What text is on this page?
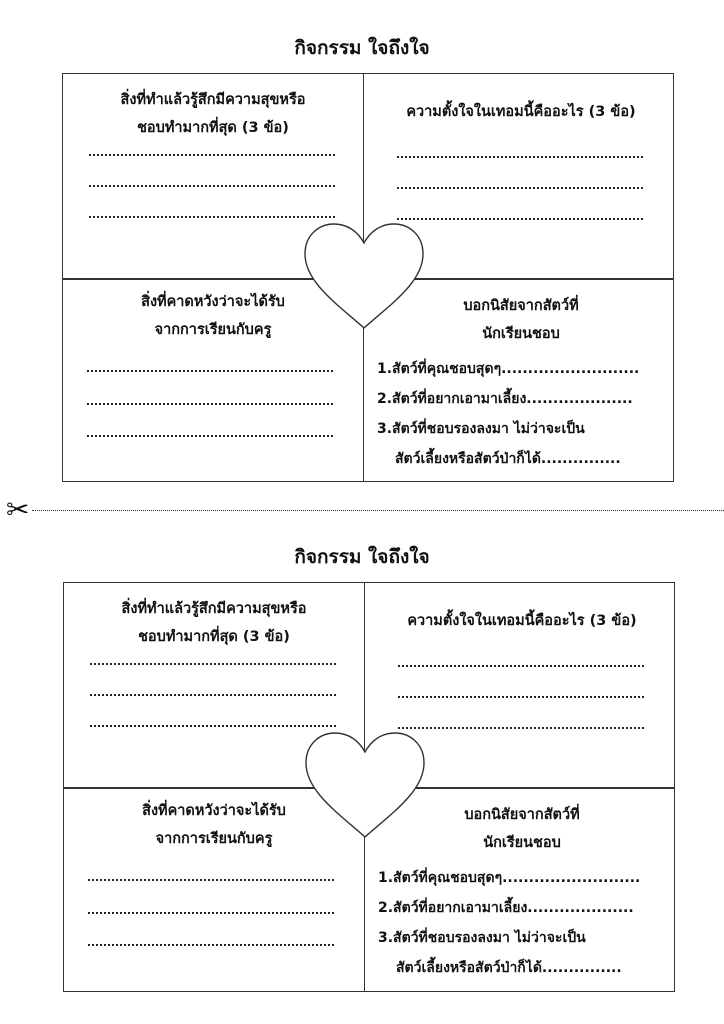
กิจกรรม ใจถึงใจ
สิ่งที่ทำแล้วรู้สึกมีความสุขหรือ
ชอบทำมากที่สุด (3 ข้อ)
ความตั้งใจในเทอมนี้คืออะไร (3 ข้อ)
สิ่งที่คาดหวังว่าจะได้รับ
จากการเรียนกับครู
บอกนิสัยจากสัตว์ที่
นักเรียนชอบ
1.สัตว์ที่คุณชอบสุดๆ..........................
2.สัตว์ที่อยากเอามาเลี้ยง....................
3.สัตว์ที่ชอบรองลงมา ไม่ว่าจะเป็น
สัตว์เลี้ยงหรือสัตว์ป่าก็ได้...............
✂
กิจกรรม ใจถึงใจ
สิ่งที่ทำแล้วรู้สึกมีความสุขหรือ
ชอบทำมากที่สุด (3 ข้อ)
ความตั้งใจในเทอมนี้คืออะไร (3 ข้อ)
สิ่งที่คาดหวังว่าจะได้รับ
จากการเรียนกับครู
บอกนิสัยจากสัตว์ที่
นักเรียนชอบ
1.สัตว์ที่คุณชอบสุดๆ..........................
2.สัตว์ที่อยากเอามาเลี้ยง....................
3.สัตว์ที่ชอบรองลงมา ไม่ว่าจะเป็น
สัตว์เลี้ยงหรือสัตว์ป่าก็ได้...............
